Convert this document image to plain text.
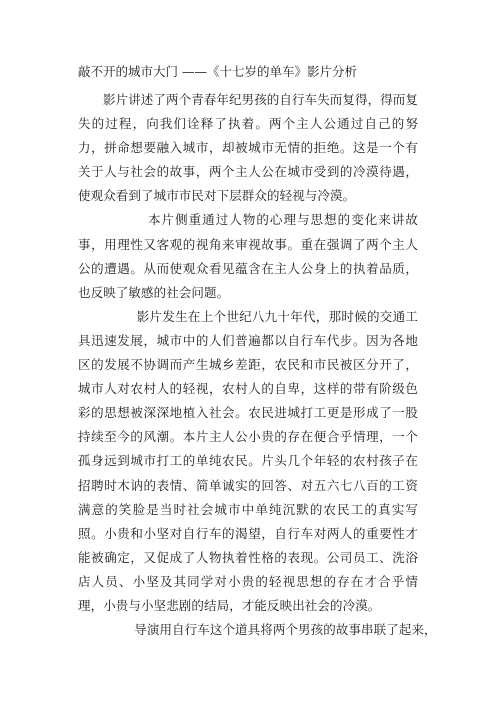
敲不开的城市大门 ——《十七岁的单车》影片分析

影片讲述了两个青春年纪男孩的自行车失而复得，得而复失的过程，向我们诠释了执着。两个主人公通过自己的努力，拼命想要融入城市，却被城市无情的拒绝。这是一个有关于人与社会的故事，两个主人公在城市受到的冷漠待遇，使观众看到了城市市民对下层群众的轻视与冷漠。

本片侧重通过人物的心理与思想的变化来讲故事，用理性又客观的视角来审视故事。重在强调了两个主人公的遭遇。从而使观众看见蕴含在主人公身上的执着品质，也反映了敏感的社会问题。

影片发生在上个世纪八九十年代，那时候的交通工具迅速发展，城市中的人们普遍都以自行车代步。因为各地区的发展不协调而产生城乡差距，农民和市民被区分开了，城市人对农村人的轻视，农村人的自卑，这样的带有阶级色彩的思想被深深地植入社会。农民进城打工更是形成了一股持续至今的风潮。本片主人公小贵的存在便合乎情理，一个孤身远到城市打工的单纯农民。片头几个年轻的农村孩子在招聘时木讷的表情、简单诚实的回答、对五六七八百的工资满意的笑脸是当时社会城市中单纯沉默的农民工的真实写照。小贵和小坚对自行车的渴望，自行车对两人的重要性才能被确定，又促成了人物执着性格的表现。公司员工、洗浴店人员、小坚及其同学对小贵的轻视思想的存在才合乎情理，小贵与小坚悲剧的结局，才能反映出社会的冷漠。

导演用自行车这个道具将两个男孩的故事串联了起来，
